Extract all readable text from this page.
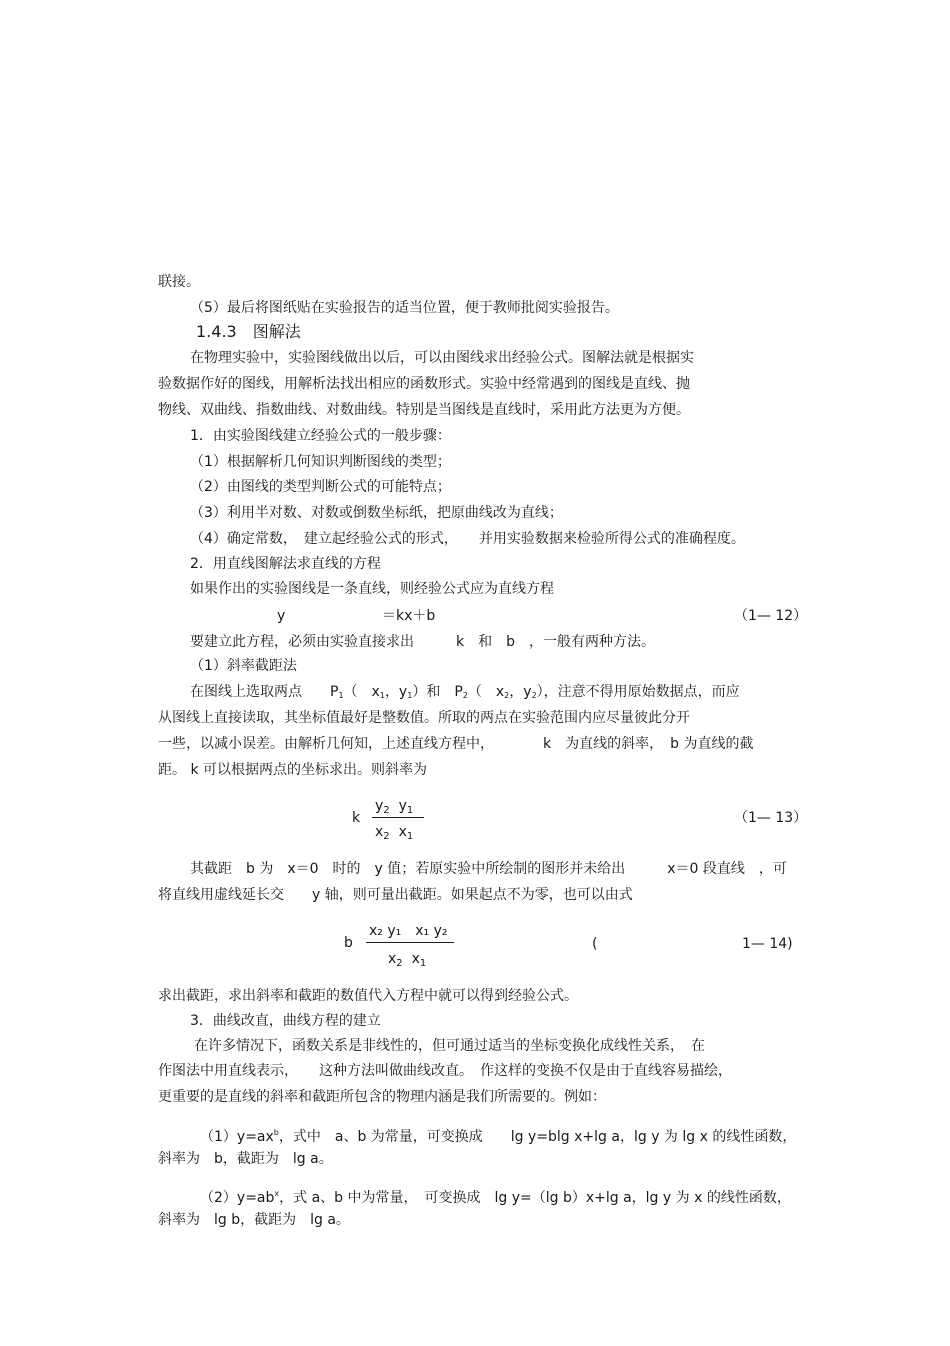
联接。
（5）最后将图纸贴在实验报告的适当位置，便于教师批阅实验报告。
1.4.3　图解法
在物理实验中，实验图线做出以后，可以由图线求出经验公式。图解法就是根据实
验数据作好的图线，用解析法找出相应的函数形式。实验中经常遇到的图线是直线、抛
物线、双曲线、指数曲线、对数曲线。特别是当图线是直线时，采用此方法更为方便。
1．由实验图线建立经验公式的一般步骤：
（1）根据解析几何知识判断图线的类型；
（2）由图线的类型判断公式的可能特点；
（3）利用半对数、对数或倒数坐标纸，把原曲线改为直线；
（4）确定常数，　建立起经验公式的形式，　　并用实验数据来检验所得公式的准确程度。
2．用直线图解法求直线的方程
如果作出的实验图线是一条直线，则经验公式应为直线方程
y	＝kx＋b	（1— 12）
要建立此方程，必须由实验直接求出　　　k　和　b　，一般有两种方法。
（1）斜率截距法
在图线上选取两点　　$P_1$（　$x_1$，$y_1$）和　$P_2$（　$x_2$，$y_2$），注意不得用原始数据点，而应
从图线上直接读取，其坐标值最好是整数值。所取的两点在实验范围内应尽量彼此分开
一些，以减小误差。由解析几何知，上述直线方程中，　　　　k　为直线的斜率，　b 为直线的截
距。 k 可以根据两点的坐标求出。则斜率为
k
$y_2$ $y_1$
$x_2$ $x_1$
（1— 13）
其截距　b 为　x＝0　时的　y 值；若原实验中所绘制的图形并未给出　　　x＝0 段直线　，可
将直线用虚线延长交　　y 轴，则可量出截距。如果起点不为零，也可以由式
b
x₂ y₁　x₁ y₂
$x_2$ $x_1$
(	1— 14)
求出截距，求出斜率和截距的数值代入方程中就可以得到经验公式。
3．曲线改直，曲线方程的建立
在许多情况下，函数关系是非线性的，但可通过适当的坐标变换化成线性关系，　在
作图法中用直线表示，　　这种方法叫做曲线改直。　作这样的变换不仅是由于直线容易描绘，
更重要的是直线的斜率和截距所包含的物理内涵是我们所需要的。例如：
$(1)y=ax^b$，式中　a、b 为常量，可变换成　　lg y=blg x+lg a，lg y 为 lg x 的线性函数，
斜率为　b，截距为　lg a。
$(2)y=ab^x$，式 a、b 中为常量，　可变换成　lg y=（lg b）x+lg a，lg y 为 x 的线性函数，
斜率为　lg b，截距为　lg a。
